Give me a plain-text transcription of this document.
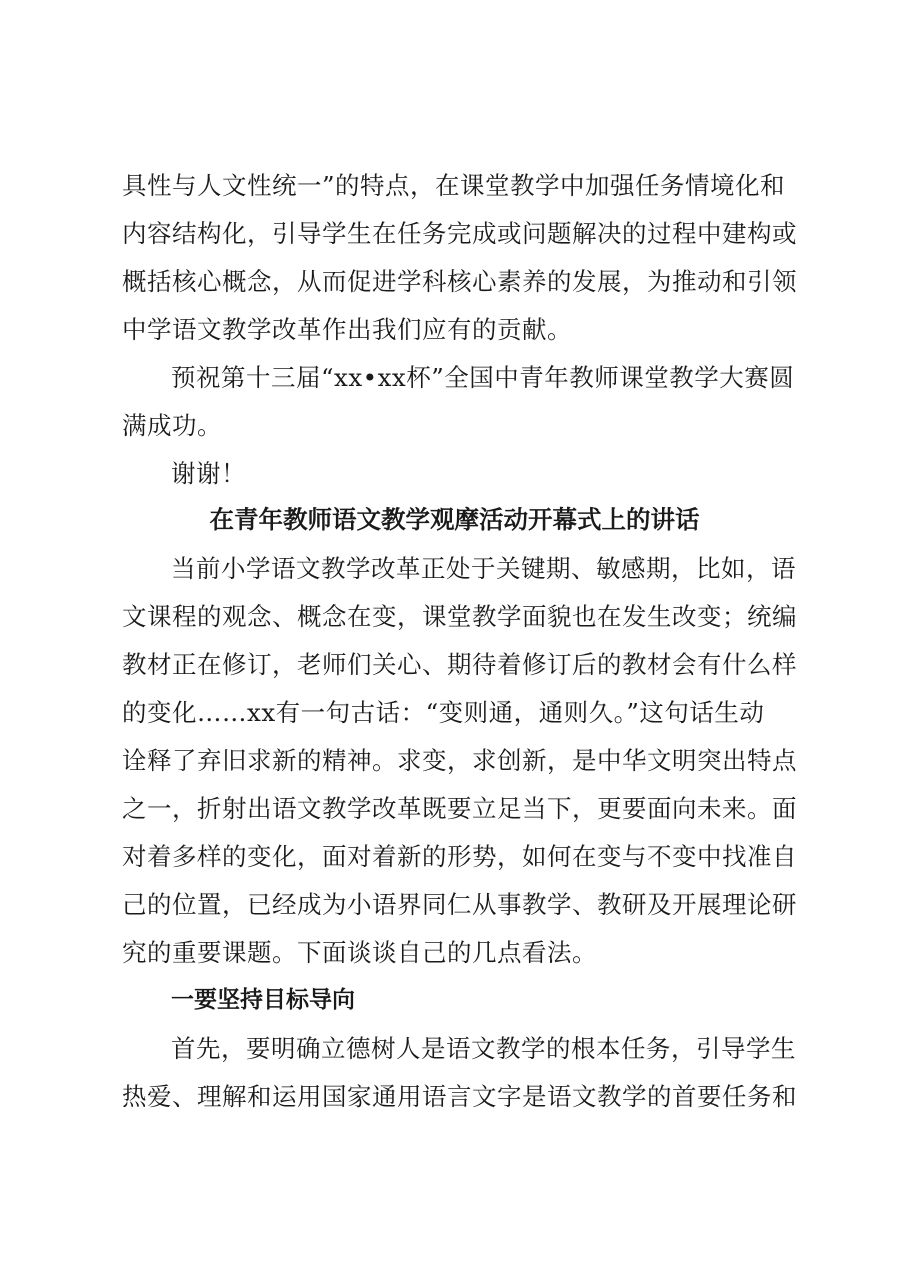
具性与人文性统一”的特点，在课堂教学中加强任务情境化和
内容结构化，引导学生在任务完成或问题解决的过程中建构或
概括核心概念，从而促进学科核心素养的发展，为推动和引领
中学语文教学改革作出我们应有的贡献。
预祝第十三届“xx•xx杯”全国中青年教师课堂教学大赛圆
满成功。
谢谢！
在青年教师语文教学观摩活动开幕式上的讲话
当前小学语文教学改革正处于关键期、敏感期，比如，语
文课程的观念、概念在变，课堂教学面貌也在发生改变；统编
教材正在修订，老师们关心、期待着修订后的教材会有什么样
的变化……xx有一句古话：“变则通，通则久。”这句话生动
诠释了弃旧求新的精神。求变，求创新，是中华文明突出特点
之一，折射出语文教学改革既要立足当下，更要面向未来。面
对着多样的变化，面对着新的形势，如何在变与不变中找准自
己的位置，已经成为小语界同仁从事教学、教研及开展理论研
究的重要课题。下面谈谈自己的几点看法。
一要坚持目标导向
首先，要明确立德树人是语文教学的根本任务，引导学生
热爱、理解和运用国家通用语言文字是语文教学的首要任务和
